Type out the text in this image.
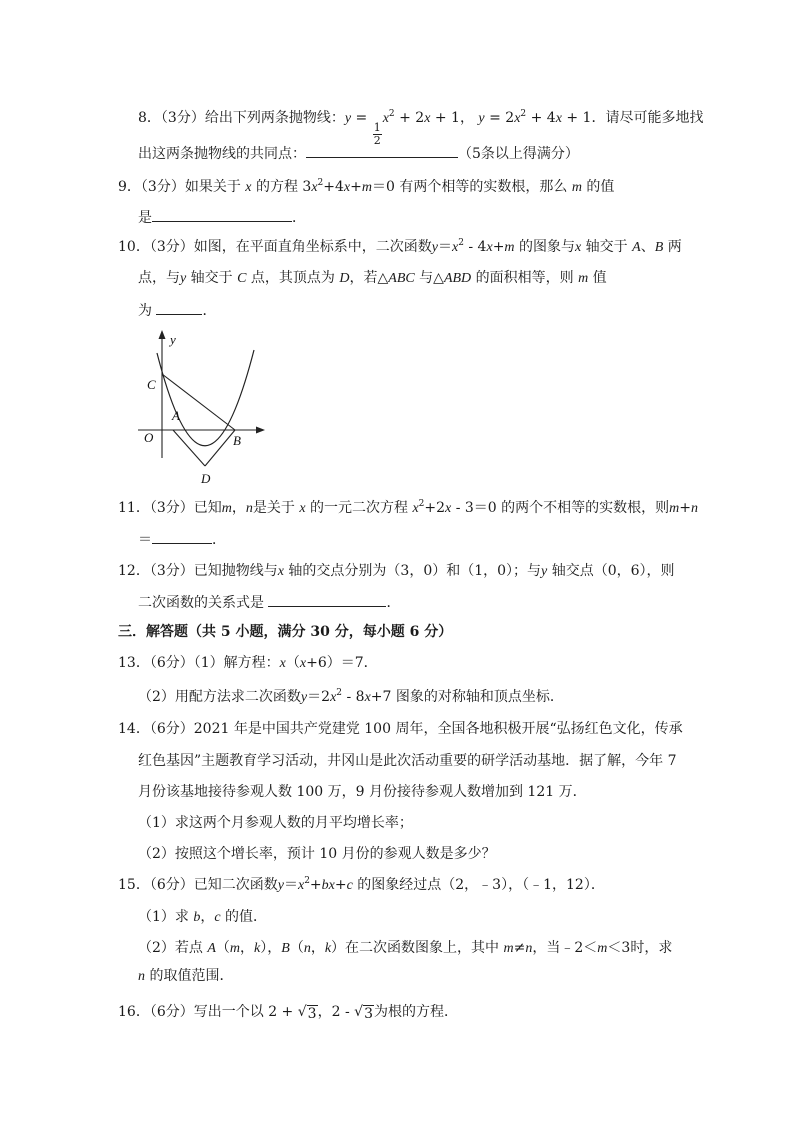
8．（3分）给出下列两条抛物线：y =
$\frac{1}{2}$
$x^2 + 2x + 1$， $y = 2x^2 + 4x + 1$．请尽可能多地找
出这两条抛物线的共同点：	（5条以上得满分）
9．（3分）如果关于 x 的方程 $3x^2+4x+m=0$ 有两个相等的实数根，那么 m 的值
是	．
10．（3分）如图，在平面直角坐标系中，二次函数$y=x^2 - 4x+m$ 的图象与x 轴交于 A、B 两
点，与y 轴交于 C 点，其顶点为 D，若△ABC 与△ABD 的面积相等，则 m 值
为	．
y
C
A
O	B
D
11．（3分）已知m，n是关于 x 的一元二次方程 $x^2+2x - 3=0$ 的两个不相等的实数根，则m+n
＝	．
12．（3分）已知抛物线与x 轴的交点分别为（3，0）和（1，0）；与y 轴交点（0，6），则
二次函数的关系式是	．
三．解答题（共 5 小题，满分 30 分，每小题 6 分）
13．（6分）（1）解方程：x（x+6）＝7．
（2）用配方法求二次函数$y=2x^2 - 8x+7$ 图象的对称轴和顶点坐标．
14．（6分）2021 年是中国共产党建党 100 周年，全国各地积极开展“弘扬红色文化，传承
红色基因”主题教育学习活动，井冈山是此次活动重要的研学活动基地．据了解，今年 7
月份该基地接待参观人数 100 万，9 月份接待参观人数增加到 121 万．
（1）求这两个月参观人数的月平均增长率；
（2）按照这个增长率，预计 10 月份的参观人数是多少？
15．（6分）已知二次函数$y=x^2+bx+c$ 的图象经过点（2，﹣3），（﹣1，12）．
（1）求 b，c 的值．
（2）若点 A（m，k），B（n，k）在二次函数图象上，其中 m≠n，当﹣2＜m＜3时，求
n 的取值范围．
16．（6分）写出一个以 2 + √ 3 ，2 - √ 3 为根的方程．
